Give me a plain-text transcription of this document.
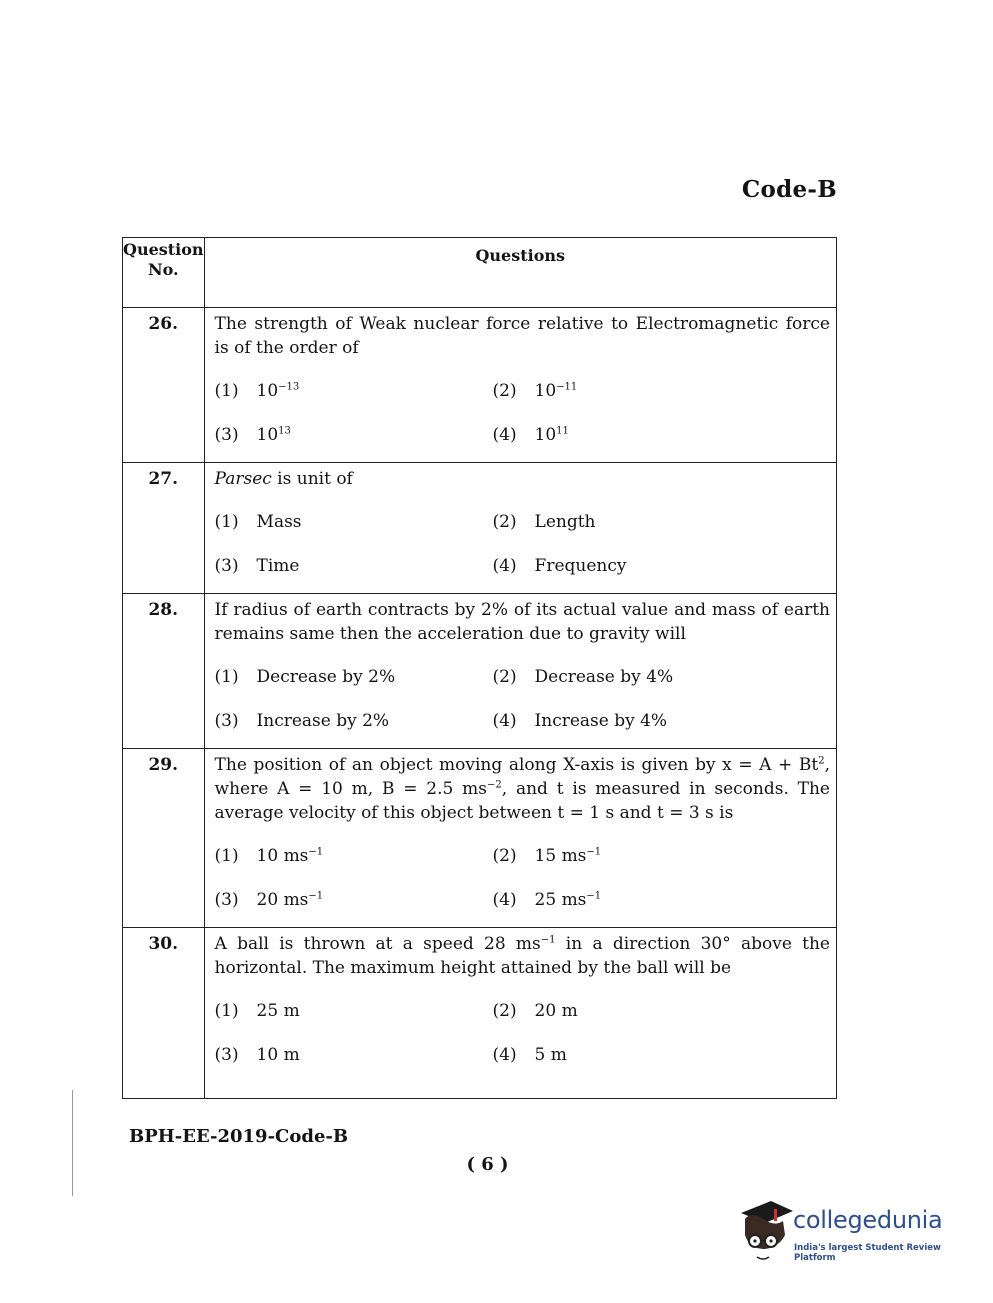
Code-B
Question
No.	Questions
26.	The strength of Weak nuclear force relative to Electromagnetic force is of the order of
(1) $10^{-13}$ (2) $10^{-11}$
(3) $10^{13}$ (4) $10^{11}$

27.	Parsec is unit of
(1) Mass (2) Length
(3) Time (4) Frequency

28.	If radius of earth contracts by 2% of its actual value and mass of earth remains same then the acceleration due to gravity will
(1) Decrease by 2% (2) Decrease by 4%
(3) Increase by 2% (4) Increase by 4%

29.	The position of an object moving along X-axis is given by $x = A + Bt^2$, where A = 10 m, B = 2.5 $ms^{-2}$, and t is measured in seconds. The average velocity of this object between t = 1 s and t = 3 s is
(1) 10 $ms^{-1}$ (2) 15 $ms^{-1}$
(3) 20 $ms^{-1}$ (4) 25 $ms^{-1}$

30.	A ball is thrown at a speed 28 $ms^{-1}$ in a direction 30° above the horizontal. The maximum height attained by the ball will be
(1) 25 m (2) 20 m
(3) 10 m (4) 5 m
BPH-EE-2019-Code-B
( 6 )
collegedunia
India's largest Student Review Platform
